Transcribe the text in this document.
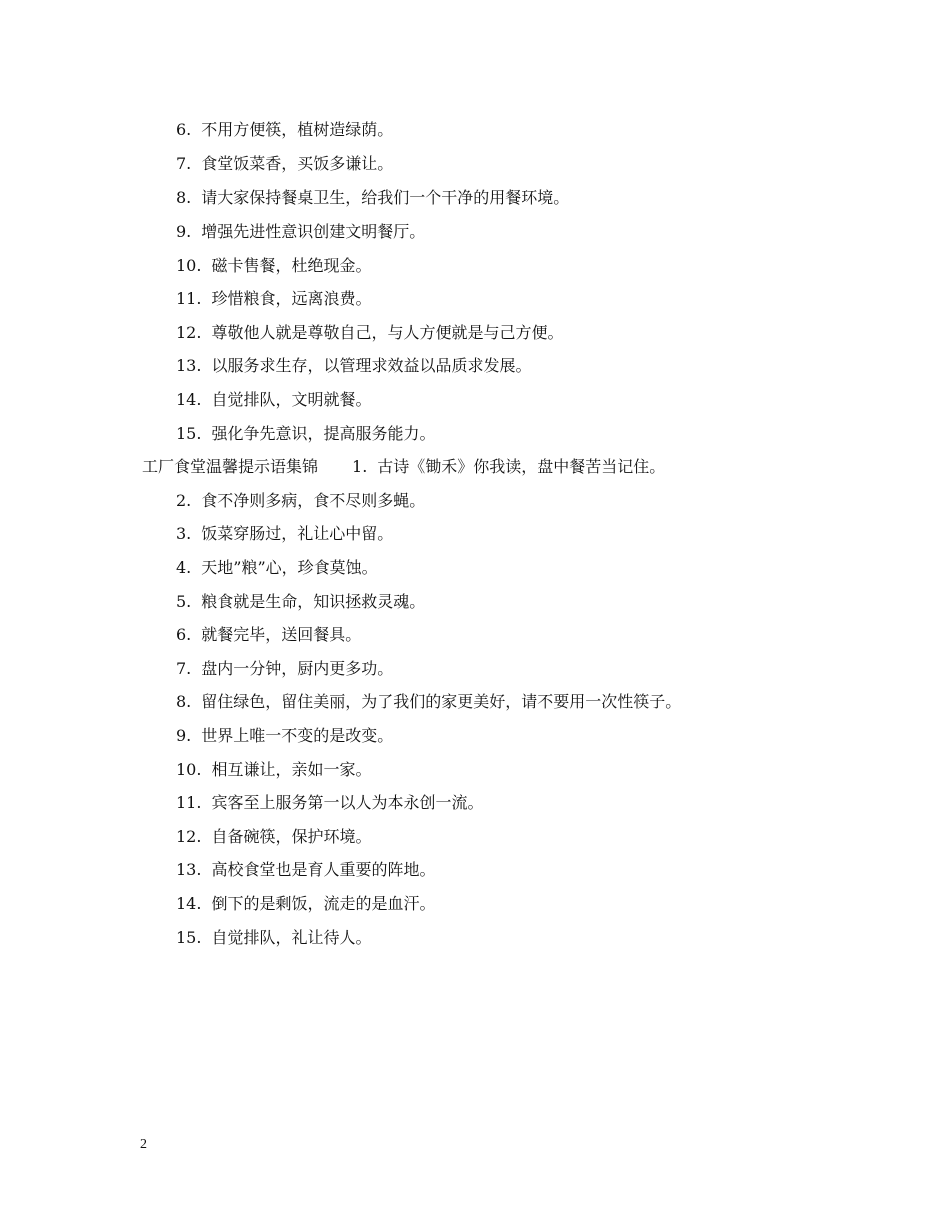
6. 不用方便筷，植树造绿荫。
7. 食堂饭菜香，买饭多谦让。
8. 请大家保持餐桌卫生，给我们一个干净的用餐环境。
9. 增强先进性意识创建文明餐厅。
10. 磁卡售餐，杜绝现金。
11. 珍惜粮食，远离浪费。
12. 尊敬他人就是尊敬自己，与人方便就是与己方便。
13. 以服务求生存，以管理求效益以品质求发展。
14. 自觉排队，文明就餐。
15. 强化争先意识，提高服务能力。
工厂食堂温馨提示语集锦 1. 古诗《锄禾》你我读，盘中餐苦当记住。
2. 食不净则多病，食不尽则多蝇。
3. 饭菜穿肠过，礼让心中留。
4. 天地”粮”心，珍食莫蚀。
5. 粮食就是生命，知识拯救灵魂。
6. 就餐完毕，送回餐具。
7. 盘内一分钟，厨内更多功。
8. 留住绿色，留住美丽，为了我们的家更美好，请不要用一次性筷子。
9. 世界上唯一不变的是改变。
10. 相互谦让，亲如一家。
11. 宾客至上服务第一以人为本永创一流。
12. 自备碗筷，保护环境。
13. 高校食堂也是育人重要的阵地。
14. 倒下的是剩饭，流走的是血汗。
15. 自觉排队，礼让待人。
2
